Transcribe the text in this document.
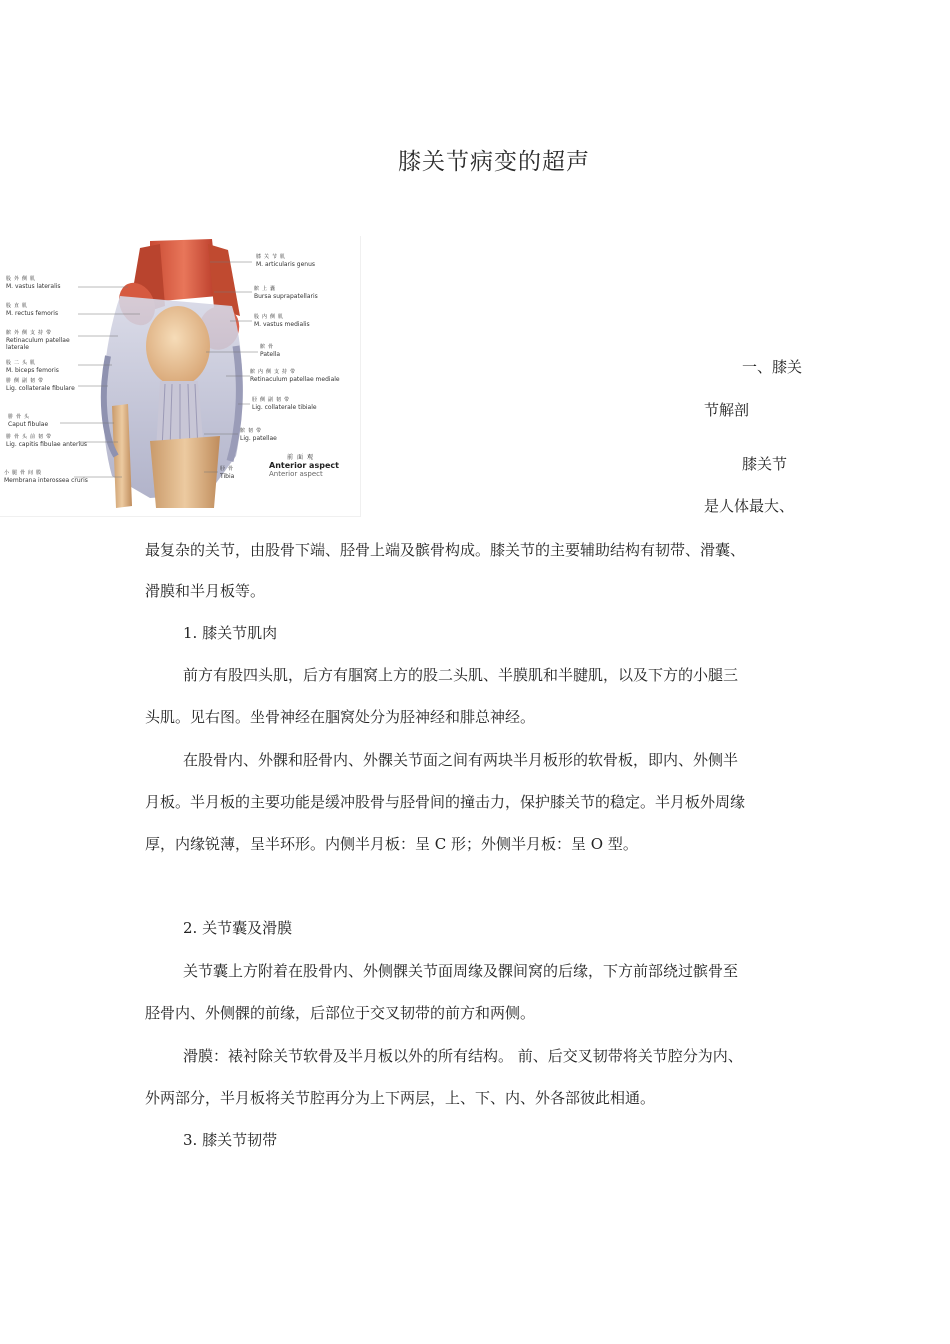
膝关节病变的超声
股外侧肌
M. vastus lateralis
股直肌
M. rectus femoris
髌外侧支持带
Retinaculum patellae
laterale
股二头肌
M. biceps femoris
腓侧副韧带
Lig. collaterale fibulare
腓骨头
Caput fibulae
腓骨头前韧带
Lig. capitis fibulae anterius
小腿骨间膜
Membrana interossea cruris
膝关节肌
M. articularis genus
髌上囊
Bursa suprapatellaris
股内侧肌
M. vastus medialis
髌骨
Patella
髌内侧支持带
Retinaculum patellae mediale
胫侧副韧带
Lig. collaterale tibiale
髌韧带
Lig. patellae
胫骨
Tibia
前面观
Anterior aspect
Anterior aspect
一、膝关
节解剖
膝关节
是人体最大、
最复杂的关节，由股骨下端、胫骨上端及髌骨构成。膝关节的主要辅助结构有韧带、滑囊、
滑膜和半月板等。
1. 膝关节肌肉
前方有股四头肌，后方有腘窝上方的股二头肌、半膜肌和半腱肌，以及下方的小腿三
头肌。见右图。坐骨神经在腘窝处分为胫神经和腓总神经。
在股骨内、外髁和胫骨内、外髁关节面之间有两块半月板形的软骨板，即内、外侧半
月板。半月板的主要功能是缓冲股骨与胫骨间的撞击力，保护膝关节的稳定。半月板外周缘
厚，内缘锐薄，呈半环形。内侧半月板：呈 C 形；外侧半月板：呈 O 型。
2. 关节囊及滑膜
关节囊上方附着在股骨内、外侧髁关节面周缘及髁间窝的后缘，下方前部绕过髌骨至
胫骨内、外侧髁的前缘，后部位于交叉韧带的前方和两侧。
滑膜：裱衬除关节软骨及半月板以外的所有结构。 前、后交叉韧带将关节腔分为内、
外两部分，半月板将关节腔再分为上下两层，上、下、内、外各部彼此相通。
3. 膝关节韧带
